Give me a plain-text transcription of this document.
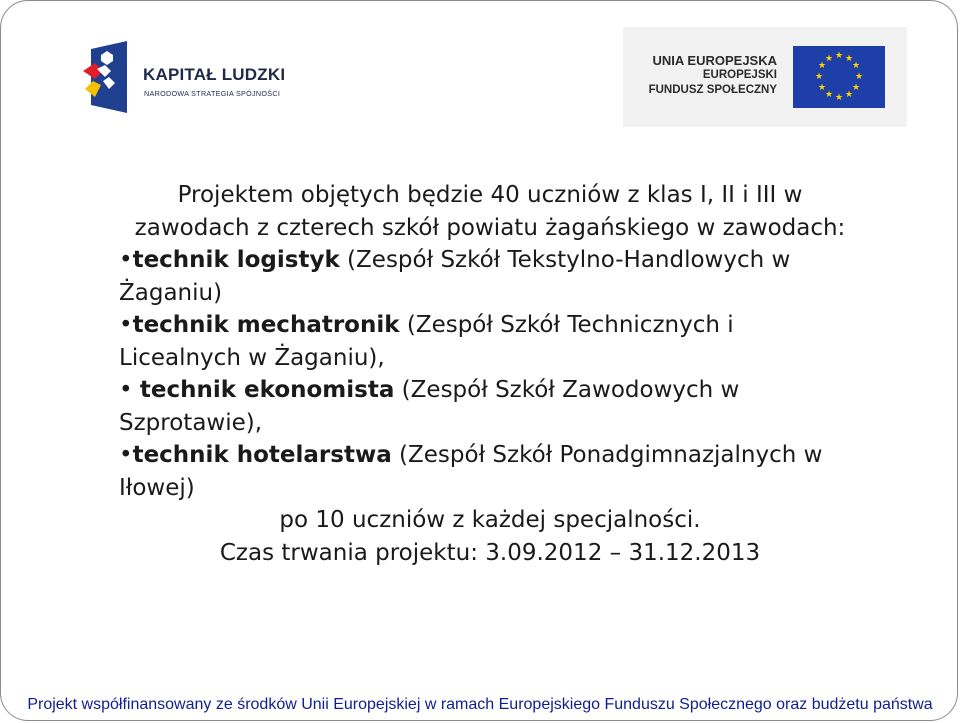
KAPITAŁ LUDZKI
NARODOWA STRATEGIA SPÓJNOŚCI
UNIA EUROPEJSKA
EUROPEJSKI
FUNDUSZ SPOŁECZNY
★ ★
★
★
★
★
★
★
★
★
★
★

Projektem objętych będzie 40 uczniów z klas I, II i III w zawodach z czterech szkół powiatu żagańskiego w zawodach:

•technik logistyk (Zespół Szkół Tekstylno-Handlowych w Żaganiu)

•technik mechatronik (Zespół Szkół Technicznych i Licealnych w Żaganiu),

• technik ekonomista (Zespół Szkół Zawodowych w Szprotawie),

•technik hotelarstwa (Zespół Szkół Ponadgimnazjalnych w Iłowej)

po 10 uczniów z każdej specjalności.

Czas trwania projektu: 3.09.2012 – 31.12.2013

Projekt współfinansowany ze środków Unii Europejskiej w ramach Europejskiego Funduszu Społecznego oraz budżetu państwa
